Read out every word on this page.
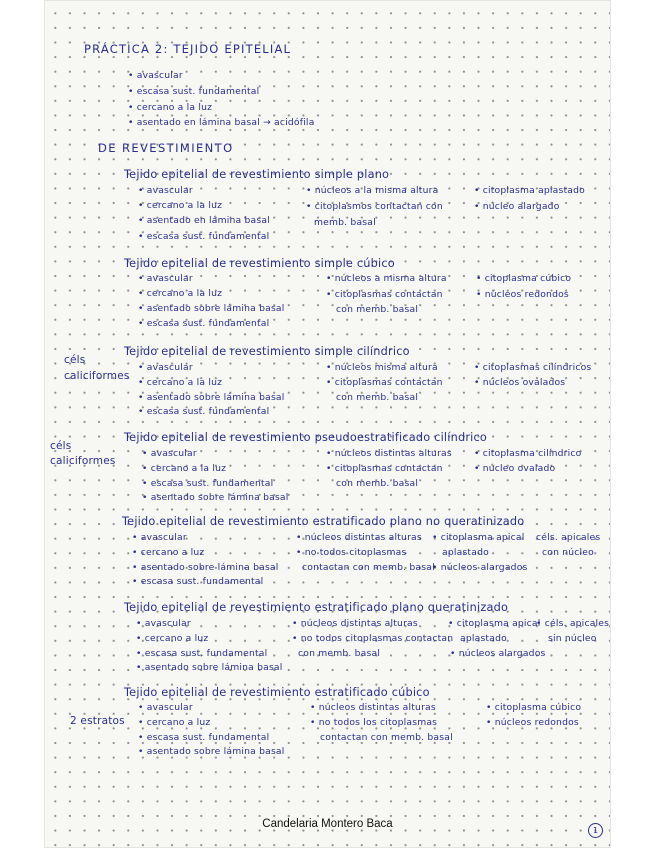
PRÁCTICA 2: TEJIDO EPITELIAL
• avascular
• escasa sust. fundamental
• cercano a la luz
• asentado en lámina basal → acidófila
DE REVESTIMIENTO
Tejido epitelial de revestimiento simple plano
• avascular
• cercano a la luz
• asentado en lámina basal
• escasa sust. fundamental
• núcleos a la misma altura
• citoplasmos contactan con
memb. basal
• citoplasma aplastado
• núcleo alargado
Tejido epitelial de revestimiento simple cúbico
• avascular
• cercano a la luz
• asentado sobre lámina basal
• escasa sust. fundamental
• núcleos a misma altura
• citoplasmas contactan
con memb. basal
• citoplasma cúbico
• núcleos redondos
céls
caliciformes
Tejido epitelial de revestimiento simple cilíndrico
• avascular
• cercano a la luz
• asentado sobre lámina basal
• escasa sust. fundamental
• núcleos misma altura
• citoplasmas contactan
con memb. basal
• citoplasmas cilíndricos
• núcleos ovalados
céls
caliciformes
Tejido epitelial de revestimiento pseudoestratificado cilíndrico
• avascular
• cercano a la luz
• escasa sust. fundamental
• asentado sobre lámina basal
• núcleos distintas alturas
• citoplasmas contactan
con memb. basal
• citoplasma cilíndrico
• núcleo ovalado
Tejido epitelial de revestimiento estratificado plano no queratinizado
• avascular
• cercano a luz
• asentado sobre lámina basal
• escasa sust. fundamental
• núcleos distintas alturas
• no todos citoplasmas
contactan con memb. basal
• citoplasma apical
aplastado
• núcleos alargados
céls. apicales
con núcleo
Tejido epitelial de revestimiento estratificado plano queratinizado
• avascular
• cercano a luz
• escasa sust. fundamental
• asentado sobre lámina basal
• núcleos distintas alturas
• no todos citoplasmas contactan
con memb. basal
• citoplasma apical
aplastado
• núcleos alargados
• céls. apicales
sin núcleo
2 estratos
Tejido epitelial de revestimiento estratificado cúbico
• avascular
• cercano a luz
• escasa sust. fundamental
• asentado sobre lámina basal
• núcleos distintas alturas
• no todos los citoplasmas
contactan con memb. basal
• citoplasma cúbico
• núcleos redondos
Candelaria Montero Baca
1
